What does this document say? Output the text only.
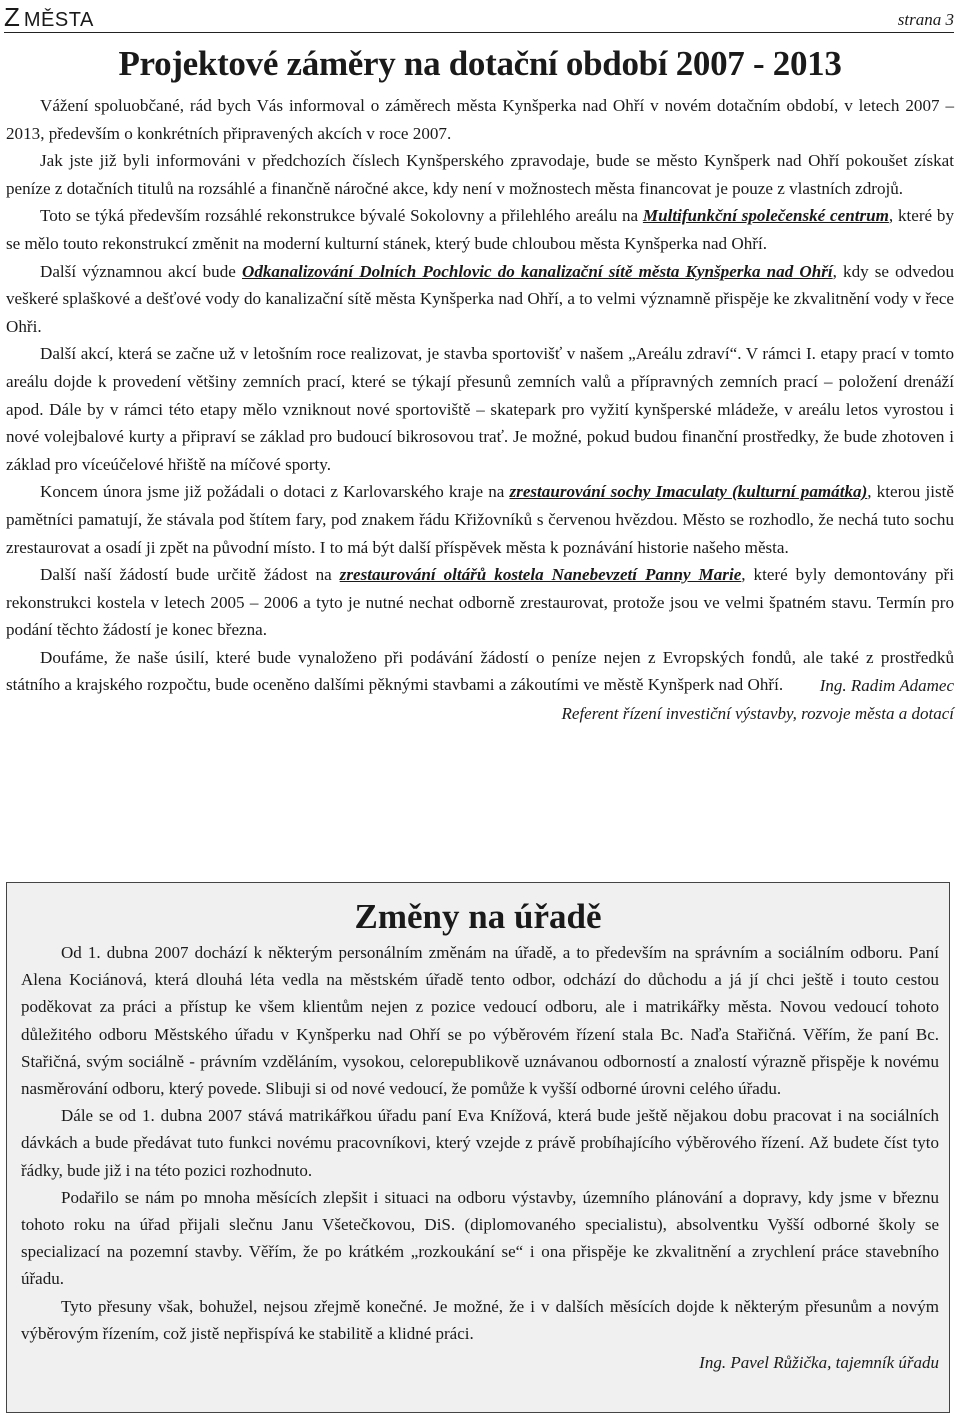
Z MĚSTA	strana 3
Projektové záměry na dotační období 2007 - 2013

Vážení spoluobčané, rád bych Vás informoval o záměrech města Kynšperka nad Ohří v novém dotačním období, v letech 2007 – 2013, především o konkrétních připravených akcích v roce 2007.

Jak jste již byli informováni v předchozích číslech Kynšperského zpravodaje, bude se město Kynšperk nad Ohří pokoušet získat peníze z dotačních titulů na rozsáhlé a finančně náročné akce, kdy není v možnostech města financovat je pouze z vlastních zdrojů.

Toto se týká především rozsáhlé rekonstrukce bývalé Sokolovny a přilehlého areálu na Multifunkční společenské centrum, které by se mělo touto rekonstrukcí změnit na moderní kulturní stánek, který bude chloubou města Kynšperka nad Ohří.

Další významnou akcí bude Odkanalizování Dolních Pochlovic do kanalizační sítě města Kynšperka nad Ohří, kdy se odvedou veškeré splaškové a dešťové vody do kanalizační sítě města Kynšperka nad Ohří, a to velmi významně přispěje ke zkvalitnění vody v řece Ohři.

Další akcí, která se začne už v letošním roce realizovat, je stavba sportovišť v našem „Areálu zdraví“. V rámci I. etapy prací v tomto areálu dojde k provedení většiny zemních prací, které se týkají přesunů zemních valů a přípravných zemních prací – položení drenáží apod. Dále by v rámci této etapy mělo vzniknout nové sportoviště – skatepark pro vyžití kynšperské mládeže, v areálu letos vyrostou i nové volejbalové kurty a připraví se základ pro budoucí bikrosovou trať. Je možné, pokud budou finanční prostředky, že bude zhotoven i základ pro víceúčelové hřiště na míčové sporty.

Koncem února jsme již požádali o dotaci z Karlovarského kraje na zrestaurování sochy Imaculaty (kulturní památka), kterou jistě pamětníci pamatují, že stávala pod štítem fary, pod znakem řádu Křižovníků s červenou hvězdou. Město se rozhodlo, že nechá tuto sochu zrestaurovat a osadí ji zpět na původní místo. I to má být další příspěvek města k poznávání historie našeho města.

Další naší žádostí bude určitě žádost na zrestaurování oltářů kostela Nanebevzetí Panny Marie, které byly demontovány při rekonstrukci kostela v letech 2005 – 2006 a tyto je nutné nechat odborně zrestaurovat, protože jsou ve velmi špatném stavu. Termín pro podání těchto žádostí je konec března.

Doufáme, že naše úsilí, které bude vynaloženo při podávání žádostí o peníze nejen z Evropských fondů, ale také z prostředků státního a krajského rozpočtu, bude oceněno dalšími pěknými stavbami a zákoutími ve městě Kynšperk nad Ohří.	Ing. Radim Adamec
Referent řízení investiční výstavby, rozvoje města a dotací
Změny na úřadě

Od 1. dubna 2007 dochází k některým personálním změnám na úřadě, a to především na správním a sociálním odboru. Paní Alena Kociánová, která dlouhá léta vedla na městském úřadě tento odbor, odchází do důchodu a já jí chci ještě i touto cestou poděkovat za práci a přístup ke všem klientům nejen z pozice vedoucí odboru, ale i matrikářky města. Novou vedoucí tohoto důležitého odboru Městského úřadu v Kynšperku nad Ohří se po výběrovém řízení stala Bc. Naďa Stařičná. Věřím, že paní Bc. Stařičná, svým sociálně - právním vzděláním, vysokou, celorepublikově uznávanou odborností a znalostí výrazně přispěje k novému nasměrování odboru, který povede. Slibuji si od nové vedoucí, že pomůže k vyšší odborné úrovni celého úřadu.

Dále se od 1. dubna 2007 stává matrikářkou úřadu paní Eva Knížová, která bude ještě nějakou dobu pracovat i na sociálních dávkách a bude předávat tuto funkci novému pracovníkovi, který vzejde z právě probíhajícího výběrového řízení. Až budete číst tyto řádky, bude již i na této pozici rozhodnuto.

Podařilo se nám po mnoha měsících zlepšit i situaci na odboru výstavby, územního plánování a dopravy, kdy jsme v březnu tohoto roku na úřad přijali slečnu Janu Všetečkovou, DiS. (diplomovaného specialistu), absolventku Vyšší odborné školy se specializací na pozemní stavby. Věřím, že po krátkém „rozkoukání se“ i ona přispěje ke zkvalitnění a zrychlení práce stavebního úřadu.

Tyto přesuny však, bohužel, nejsou zřejmě konečné. Je možné, že i v dalších měsících dojde k některým přesunům a novým výběrovým řízením, což jistě nepřispívá ke stabilitě a klidné práci.

Ing. Pavel Růžička, tajemník úřadu
